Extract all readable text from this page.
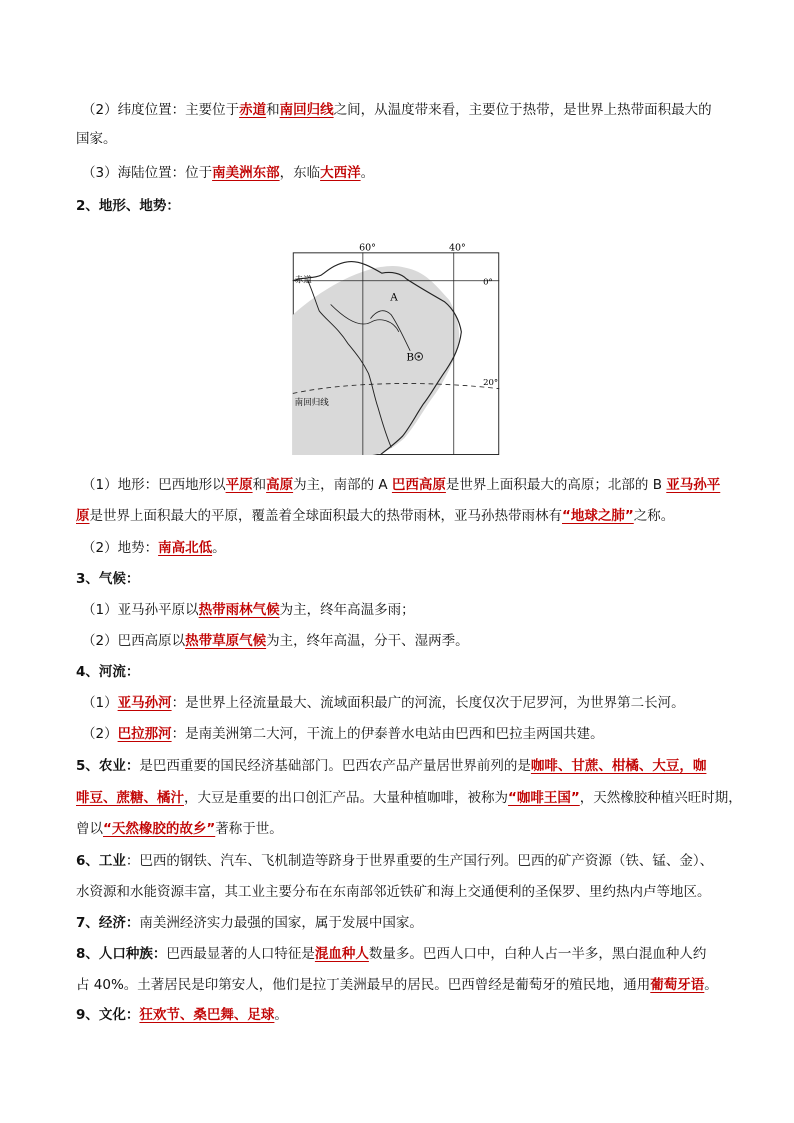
（2）纬度位置：主要位于赤道和南回归线之间，从温度带来看，主要位于热带，是世界上热带面积最大的
国家。
（3）海陆位置：位于南美洲东部，东临大西洋。
2、地形、地势：
60°	40°
0°
20°
赤道
南回归线
A
B
（1）地形：巴西地形以平原和高原为主，南部的 A 巴西高原是世界上面积最大的高原；北部的 B 亚马孙平
原是世界上面积最大的平原，覆盖着全球面积最大的热带雨林，亚马孙热带雨林有“地球之肺”之称。
（2）地势：南高北低。
3、气候：
（1）亚马孙平原以热带雨林气候为主，终年高温多雨；
（2）巴西高原以热带草原气候为主，终年高温，分干、湿两季。
4、河流：
（1）亚马孙河：是世界上径流量最大、流域面积最广的河流，长度仅次于尼罗河，为世界第二长河。
（2）巴拉那河：是南美洲第二大河，干流上的伊泰普水电站由巴西和巴拉圭两国共建。
5、农业：是巴西重要的国民经济基础部门。巴西农产品产量居世界前列的是咖啡、甘蔗、柑橘、大豆，咖
啡豆、蔗糖、橘汁，大豆是重要的出口创汇产品。大量种植咖啡，被称为“咖啡王国”，天然橡胶种植兴旺时期，
曾以“天然橡胶的故乡”著称于世。
6、工业：巴西的钢铁、汽车、飞机制造等跻身于世界重要的生产国行列。巴西的矿产资源（铁、锰、金）、
水资源和水能资源丰富，其工业主要分布在东南部邻近铁矿和海上交通便利的圣保罗、里约热内卢等地区。
7、经济：南美洲经济实力最强的国家，属于发展中国家。
8、人口种族：巴西最显著的人口特征是混血种人数量多。巴西人口中，白种人占一半多，黑白混血种人约
占 40%。土著居民是印第安人，他们是拉丁美洲最早的居民。巴西曾经是葡萄牙的殖民地，通用葡萄牙语。
9、文化：狂欢节、桑巴舞、足球。
